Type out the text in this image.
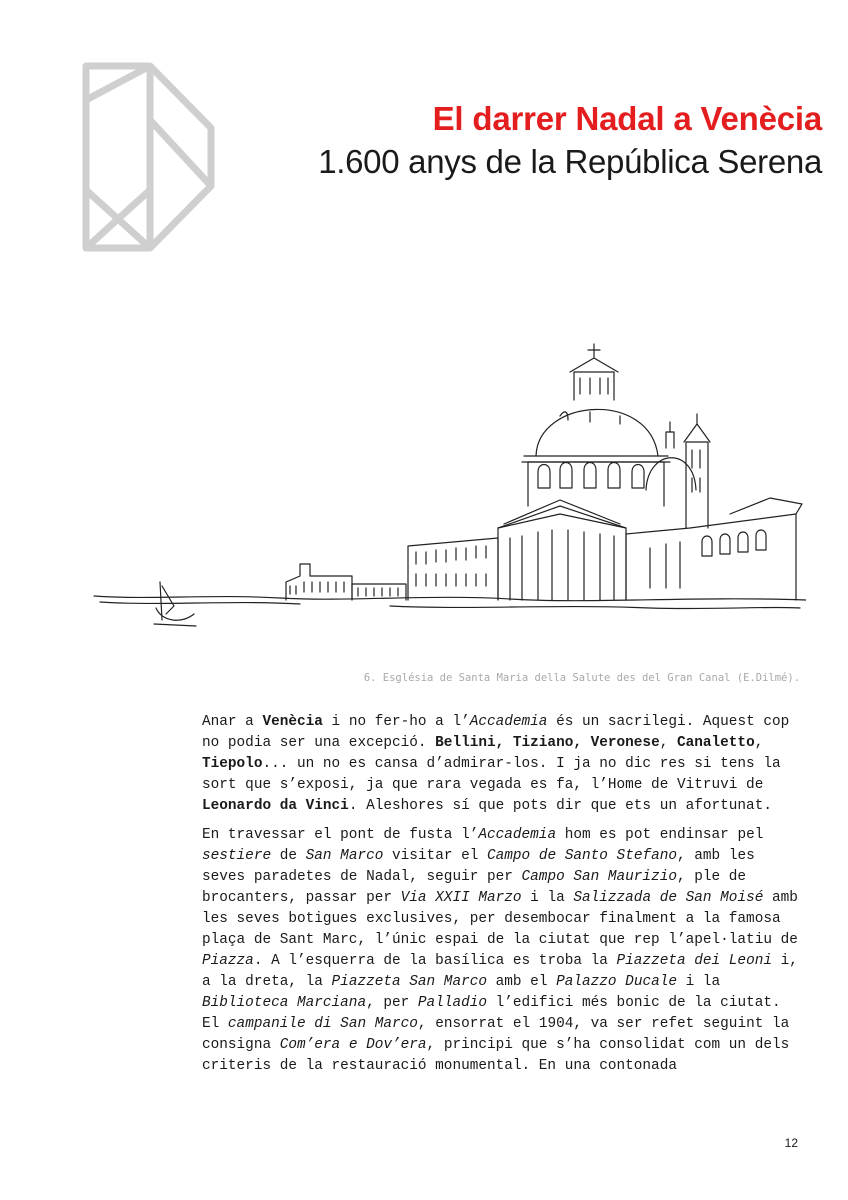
El darrer Nadal a Venècia
1.600 anys de la República Serena

6. Església de Santa Maria della Salute des del Gran Canal (E.Dilmé).

Anar a Venècia i no fer-ho a l’Accademia és un sacrilegi. Aquest cop no podia ser una excepció. Bellini, Tiziano, Veronese, Canaletto, Tiepolo... un no es cansa d’admirar-los. I ja no dic res si tens la sort que s’exposi, ja que rara vegada es fa, l’Home de Vitruvi de Leonardo da Vinci. Aleshores sí que pots dir que ets un afortunat.

En travessar el pont de fusta l’Accademia hom es pot endinsar pel sestiere de San Marco visitar el Campo de Santo Stefano, amb les seves paradetes de Nadal, seguir per Campo San Maurizio, ple de brocanters, passar per Via XXII Marzo i la Salizzada de San Moisé amb les seves botigues exclusives, per desembocar finalment a la famosa plaça de Sant Marc, l’únic espai de la ciutat que rep l’apel·latiu de Piazza. A l’esquerra de la basílica es troba la Piazzeta dei Leoni i, a la dreta, la Piazzeta San Marco amb el Palazzo Ducale i la Biblioteca Marciana, per Palladio l’edifici més bonic de la ciutat. El campanile di San Marco, ensorrat el 1904, va ser refet seguint la consigna Com’era e Dov’era, principi que s’ha consolidat com un dels criteris de la restauració monumental. En una contonada

12
